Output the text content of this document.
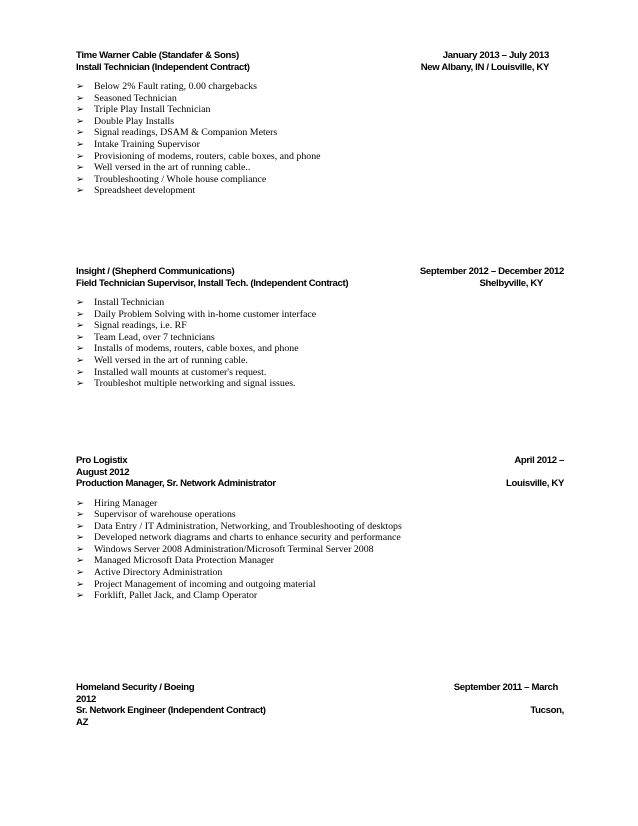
Time Warner Cable (Standafer & Sons)	January 2013 – July 2013
Install Technician (Independent Contract)	New Albany, IN / Louisville, KY
➢ Below 2% Fault rating, 0.00 chargebacks
➢ Seasoned Technician
➢ Triple Play Install Technician
➢ Double Play Installs
➢ Signal readings, DSAM & Companion Meters
➢ Intake Training Supervisor
➢ Provisioning of modems, routers, cable boxes, and phone
➢ Well versed in the art of running cable..
➢ Troubleshooting / Whole house compliance
➢ Spreadsheet development
Insight / (Shepherd Communications)	September 2012 – December 2012
Field Technician Supervisor, Install Tech. (Independent Contract)	Shelbyville, KY
➢ Install Technician
➢ Daily Problem Solving with in-home customer interface
➢ Signal readings, i.e. RF
➢ Team Lead, over 7 technicians
➢ Installs of modems, routers, cable boxes, and phone
➢ Well versed in the art of running cable.
➢ Installed wall mounts at customer's request.
➢ Troubleshot multiple networking and signal issues.
Pro Logistix	April 2012 –
August 2012
Production Manager, Sr. Network Administrator	Louisville, KY
➢ Hiring Manager
➢ Supervisor of warehouse operations
➢ Data Entry / IT Administration, Networking, and Troubleshooting of desktops
➢ Developed network diagrams and charts to enhance security and performance
➢ Windows Server 2008 Administration/Microsoft Terminal Server 2008
➢ Managed Microsoft Data Protection Manager
➢ Active Directory Administration
➢ Project Management of incoming and outgoing material
➢ Forklift, Pallet Jack, and Clamp Operator
Homeland Security / Boeing	September 2011 – March
2012
Sr. Network Engineer (Independent Contract)	Tucson,
AZ
